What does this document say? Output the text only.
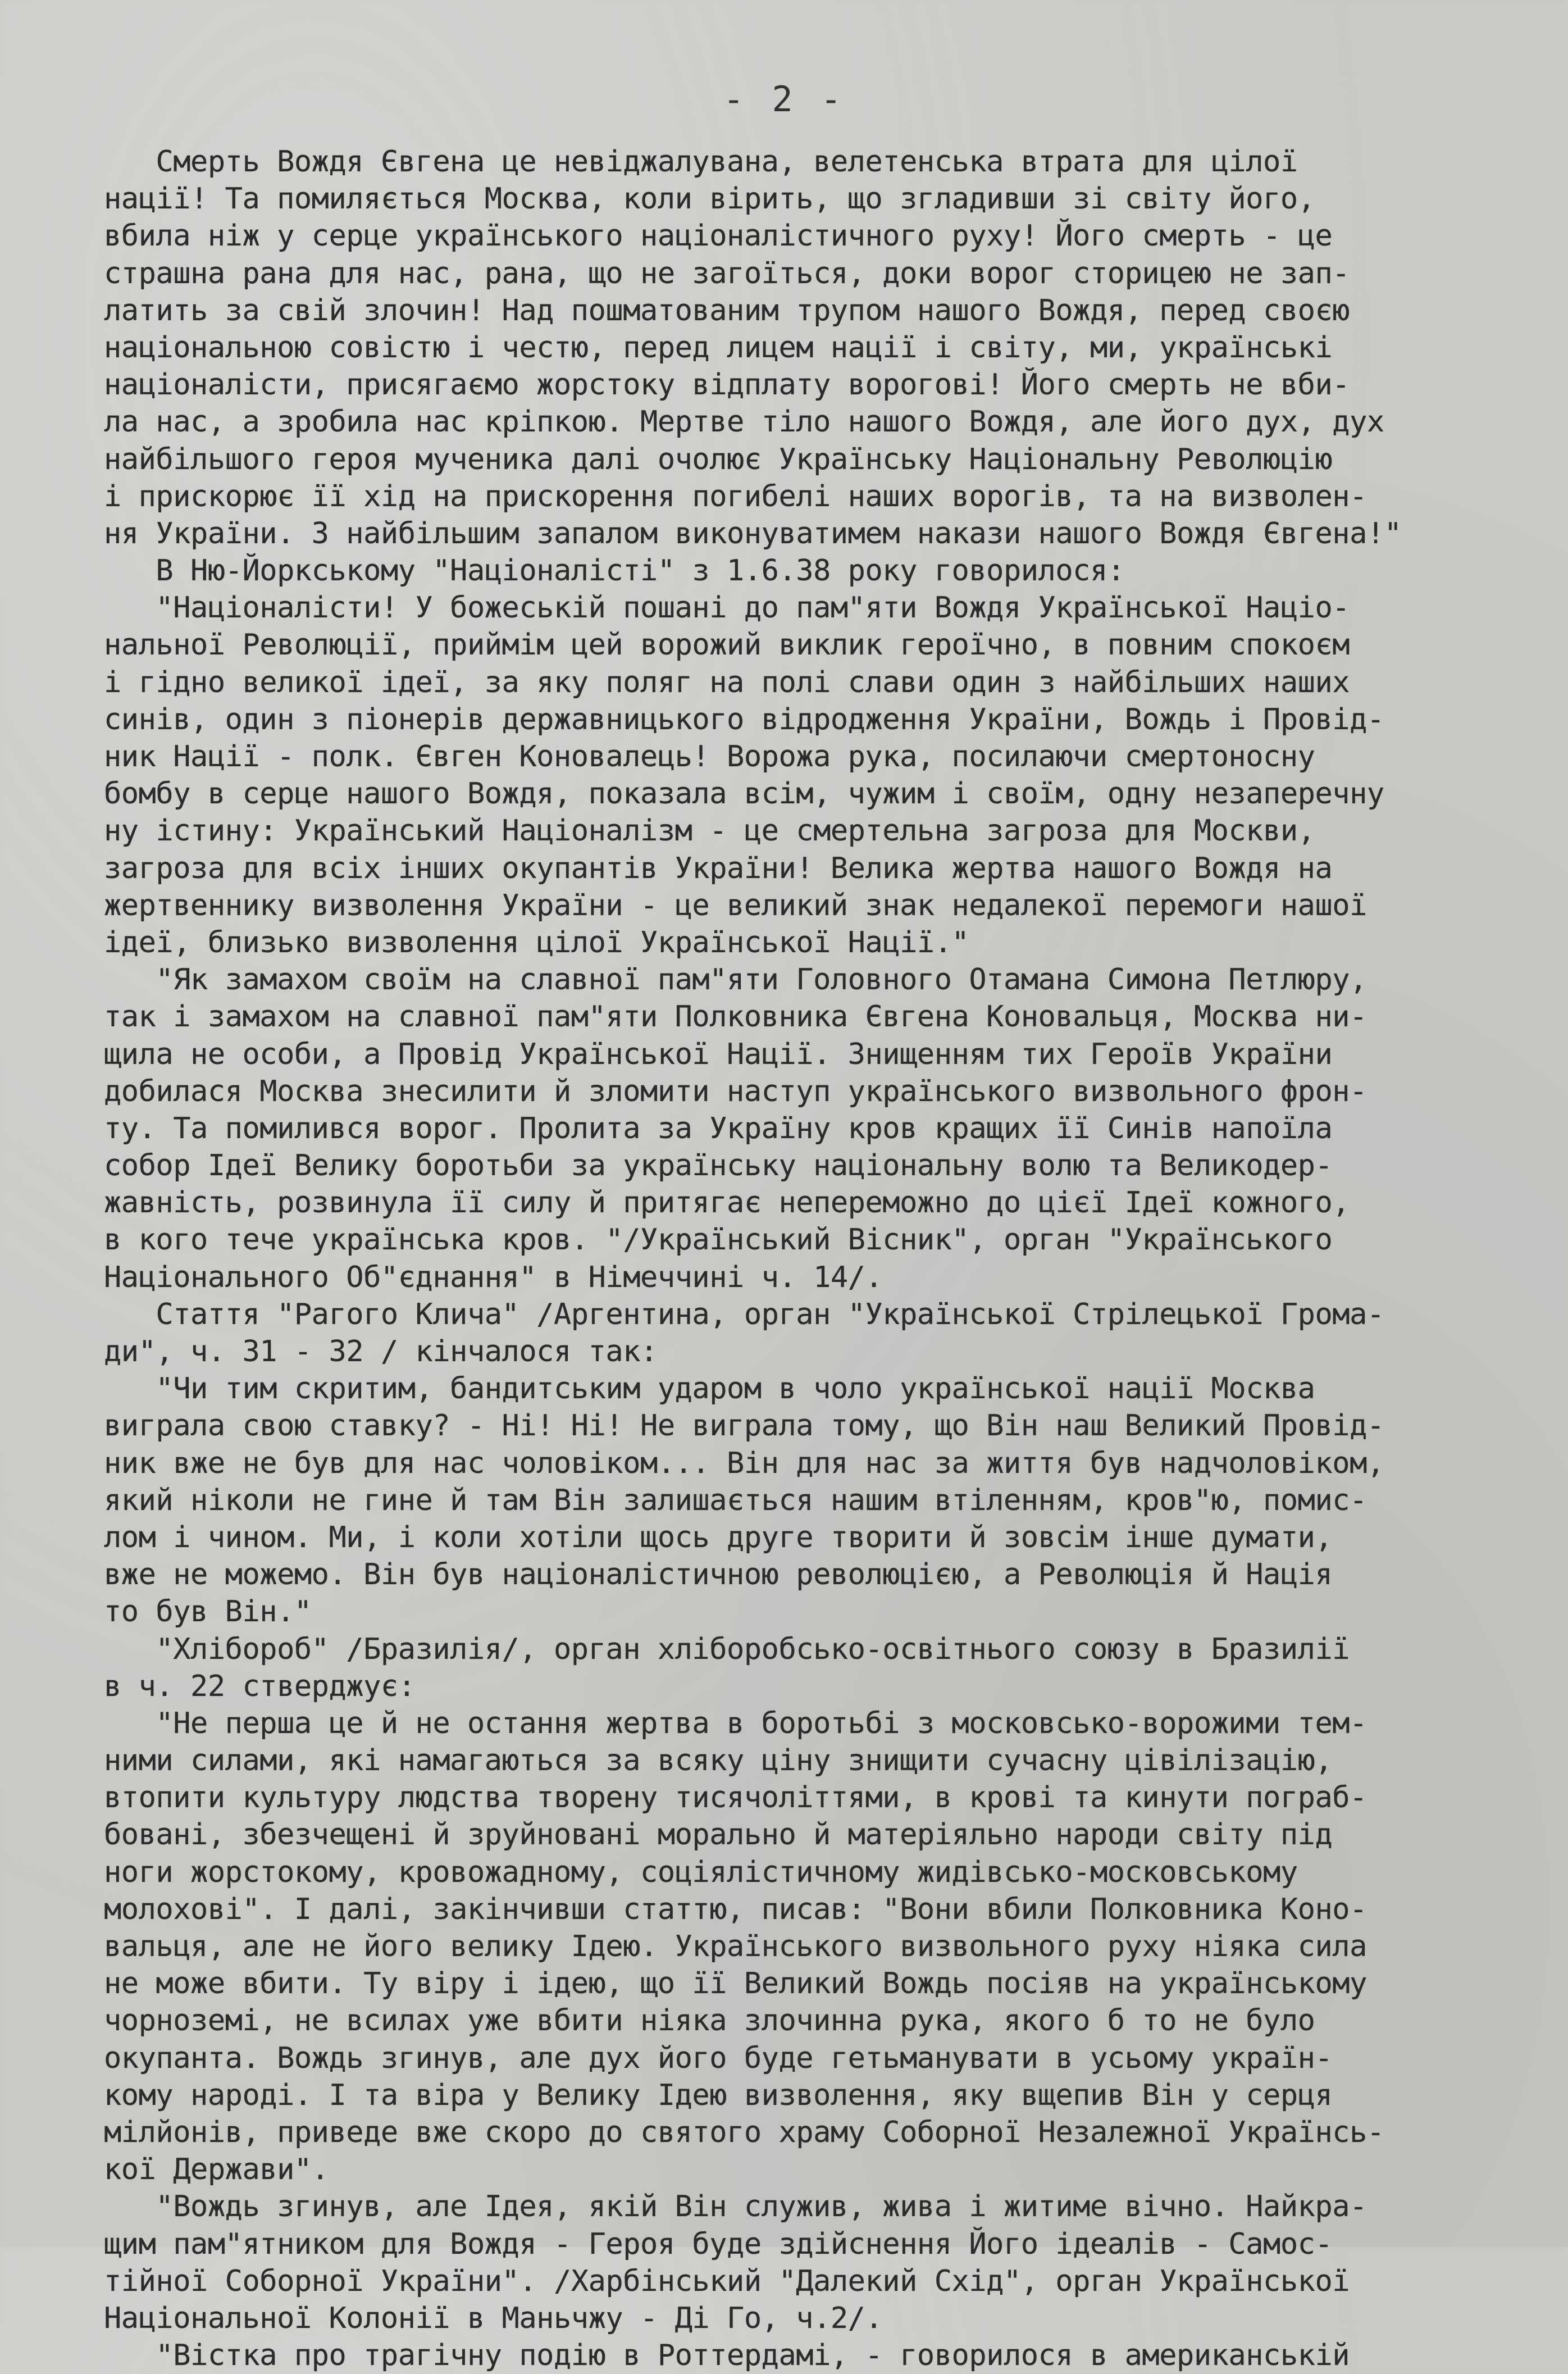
- 2 -
Смерть Вождя Євгена це невіджалувана, велетенська втрата для цілої
нації! Та помиляється Москва, коли вірить, що згладивши зі світу його,
вбила ніж у серце українського націоналістичного руху! Його смерть - це
страшна рана для нас, рана, що не загоїться, доки ворог сторицею не зап-
латить за свій злочин! Над пошматованим трупом нашого Вождя, перед своєю
національною совістю і честю, перед лицем нації і світу, ми, українські
націоналісти, присягаємо жорстоку відплату ворогові! Його смерть не вби-
ла нас, а зробила нас кріпкою. Мертве тіло нашого Вождя, але його дух, дух
найбільшого героя мученика далі очолює Українську Національну Революцію
і прискорює її хід на прискорення погибелі наших ворогів, та на визволен-
ня України. З найбільшим запалом виконуватимем накази нашого Вождя Євгена!"
В Ню-Йоркському "Націоналісті" з 1.6.38 року говорилося:
"Націоналісти! У божеській пошані до пам"яти Вождя Української Націо-
нальної Революції, приймім цей ворожий виклик героїчно, в повним спокоєм
і гідно великої ідеї, за яку поляг на полі слави один з найбільших наших
синів, один з піонерів державницького відродження України, Вождь і Провід-
ник Нації - полк. Євген Коновалець! Ворожа рука, посилаючи смертоносну
бомбу в серце нашого Вождя, показала всім, чужим і своїм, одну незаперечну
ну істину: Український Націоналізм - це смертельна загроза для Москви,
загроза для всіх інших окупантів України! Велика жертва нашого Вождя на
жертвеннику визволення України - це великий знак недалекої перемоги нашої
ідеї, близько визволення цілої Української Нації."
"Як замахом своїм на славної пам"яти Головного Отамана Симона Петлюру,
так і замахом на славної пам"яти Полковника Євгена Коновальця, Москва ни-
щила не особи, а Провід Української Нації. Знищенням тих Героїв України
добилася Москва знесилити й зломити наступ українського визвольного фрон-
ту. Та помилився ворог. Пролита за Україну кров кращих її Синів напоїла
собор Ідеї Велику боротьби за українську національну волю та Великодер-
жавність, розвинула її силу й притягає непереможно до цієї Ідеї кожного,
в кого тече українська кров. "/Український Вісник", орган "Українського
Національного Об"єднання" в Німеччині ч. 14/.
Стаття "Рагого Клича" /Аргентина, орган "Української Стрілецької Грома-
ди", ч. 31 - 32 / кінчалося так:
"Чи тим скритим, бандитським ударом в чоло української нації Москва
виграла свою ставку? - Ні! Ні! Не виграла тому, що Він наш Великий Провід-
ник вже не був для нас чоловіком... Він для нас за життя був надчоловіком,
який ніколи не гине й там Він залишається нашим втіленням, кров"ю, помис-
лом і чином. Ми, і коли хотіли щось друге творити й зовсім інше думати,
вже не можемо. Він був націоналістичною революцією, а Революція й Нація
то був Він."
"Хлібороб" /Бразилія/, орган хліборобсько-освітнього союзу в Бразилії
в ч. 22 стверджує:
"Не перша це й не остання жертва в боротьбі з московсько-ворожими тем-
ними силами, які намагаються за всяку ціну знищити сучасну цівілізацію,
втопити культуру людства творену тисячоліттями, в крові та кинути пограб-
бовані, збезчещені й зруйновані морально й матеріяльно народи світу під
ноги жорстокому, кровожадному, соціялістичному жидівсько-московському
молохові". І далі, закінчивши статтю, писав: "Вони вбили Полковника Коно-
вальця, але не його велику Ідею. Українського визвольного руху ніяка сила
не може вбити. Ту віру і ідею, що її Великий Вождь посіяв на українському
чорноземі, не всилах уже вбити ніяка злочинна рука, якого б то не було
окупанта. Вождь згинув, але дух його буде гетьманувати в усьому україн-
кому народі. І та віра у Велику Ідею визволення, яку вщепив Він у серця
мілйонів, приведе вже скоро до святого храму Соборної Незалежної Українсь-
кої Держави".
"Вождь згинув, але Ідея, якій Він служив, жива і житиме вічно. Найкра-
щим пам"ятником для Вождя - Героя буде здійснення Його ідеалів - Самос-
тійної Соборної України". /Харбінський "Далекий Схід", орган Української
Національної Колонії в Маньчжу - Ді Го, ч.2/.
"Вістка про трагічну подію в Роттердамі, - говорилося в американській
